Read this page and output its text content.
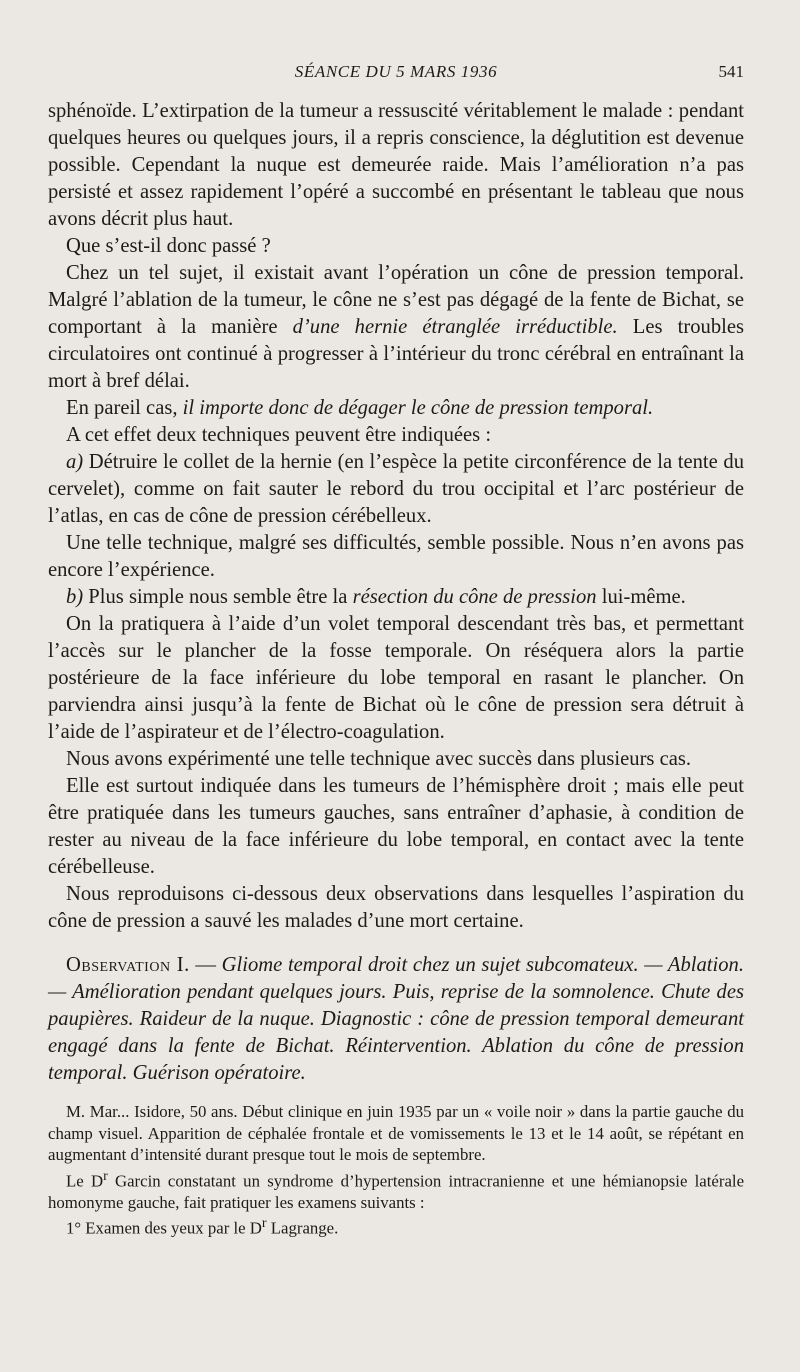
SÉANCE DU 5 MARS 1936	541

sphénoïde. L’extirpation de la tumeur a ressuscité véritablement le malade : pendant quelques heures ou quelques jours, il a repris conscience, la déglutition est devenue possible. Cependant la nuque est demeurée raide. Mais l’amélioration n’a pas persisté et assez rapidement l’opéré a succombé en présentant le tableau que nous avons décrit plus haut.

Que s’est-il donc passé ?

Chez un tel sujet, il existait avant l’opération un cône de pression temporal. Malgré l’ablation de la tumeur, le cône ne s’est pas dégagé de la fente de Bichat, se comportant à la manière d’une hernie étranglée irréductible. Les troubles circulatoires ont continué à progresser à l’intérieur du tronc cérébral en entraînant la mort à bref délai.

En pareil cas, il importe donc de dégager le cône de pression temporal.

A cet effet deux techniques peuvent être indiquées :

a) Détruire le collet de la hernie (en l’espèce la petite circonférence de la tente du cervelet), comme on fait sauter le rebord du trou occipital et l’arc postérieur de l’atlas, en cas de cône de pression cérébelleux.

Une telle technique, malgré ses difficultés, semble possible. Nous n’en avons pas encore l’expérience.

b) Plus simple nous semble être la résection du cône de pression lui-même.

On la pratiquera à l’aide d’un volet temporal descendant très bas, et permettant l’accès sur le plancher de la fosse temporale. On réséquera alors la partie postérieure de la face inférieure du lobe temporal en rasant le plancher. On parviendra ainsi jusqu’à la fente de Bichat où le cône de pression sera détruit à l’aide de l’aspirateur et de l’électro-coagulation.

Nous avons expérimenté une telle technique avec succès dans plusieurs cas.

Elle est surtout indiquée dans les tumeurs de l’hémisphère droit ; mais elle peut être pratiquée dans les tumeurs gauches, sans entraîner d’aphasie, à condition de rester au niveau de la face inférieure du lobe temporal, en contact avec la tente cérébelleuse.

Nous reproduisons ci-dessous deux observations dans lesquelles l’aspiration du cône de pression a sauvé les malades d’une mort certaine.

Observation I. — Gliome temporal droit chez un sujet subcomateux. — Ablation. — Amélioration pendant quelques jours. Puis, reprise de la somnolence. Chute des paupières. Raideur de la nuque. Diagnostic : cône de pression temporal demeurant engagé dans la fente de Bichat. Réintervention. Ablation du cône de pression temporal. Guérison opératoire.

M. Mar... Isidore, 50 ans. Début clinique en juin 1935 par un « voile noir » dans la partie gauche du champ visuel. Apparition de céphalée frontale et de vomissements le 13 et le 14 août, se répétant en augmentant d’intensité durant presque tout le mois de septembre.

Le $D^r$ Garcin constatant un syndrome d’hypertension intracranienne et une hémianopsie latérale homonyme gauche, fait pratiquer les examens suivants :

1° Examen des yeux par le $D^r$ Lagrange.
